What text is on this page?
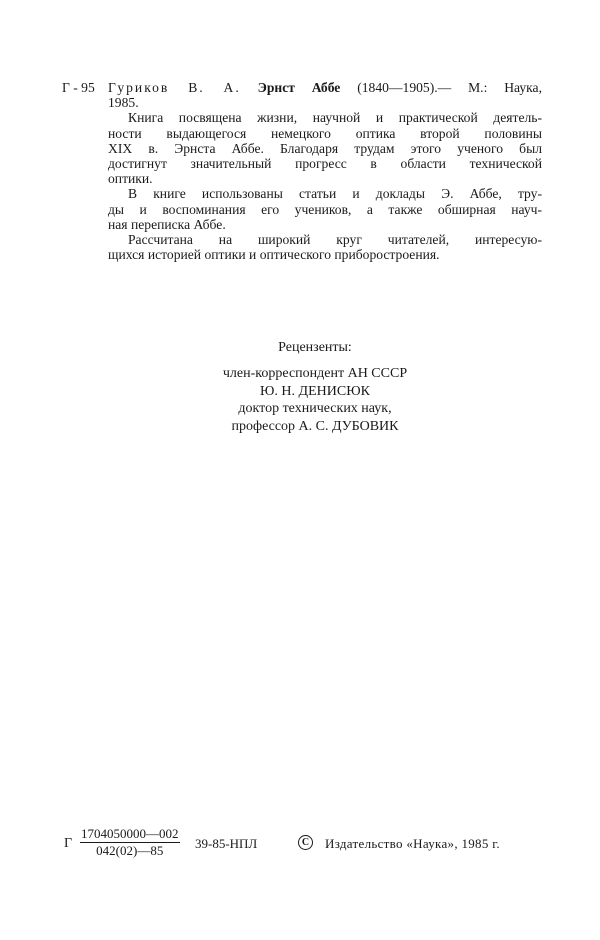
Г - 95 Гуриков В. А. Эрнст Аббе (1840—1905).— М.: Наука,
1985.
Книга посвящена жизни, научной и практической деятель-
ности выдающегося немецкого оптика второй половины
XIX в. Эрнста Аббе. Благодаря трудам этого ученого был
достигнут значительный прогресс в области технической
оптики.
В книге использованы статьи и доклады Э. Аббе, тру-
ды и воспоминания его учеников, а также обширная науч-
ная переписка Аббе.
Рассчитана на широкий круг читателей, интересую-
щихся историей оптики и оптического приборостроения.
Рецензенты:
член-корреспондент АН СССР
Ю. Н. ДЕНИСЮК
доктор технических наук,
профессор А. С. ДУБОВИК
Г $\frac{1704050000—002}{042(02)—85} 39-85-НПЛ$	C Издательство «Наука», 1985 г.
